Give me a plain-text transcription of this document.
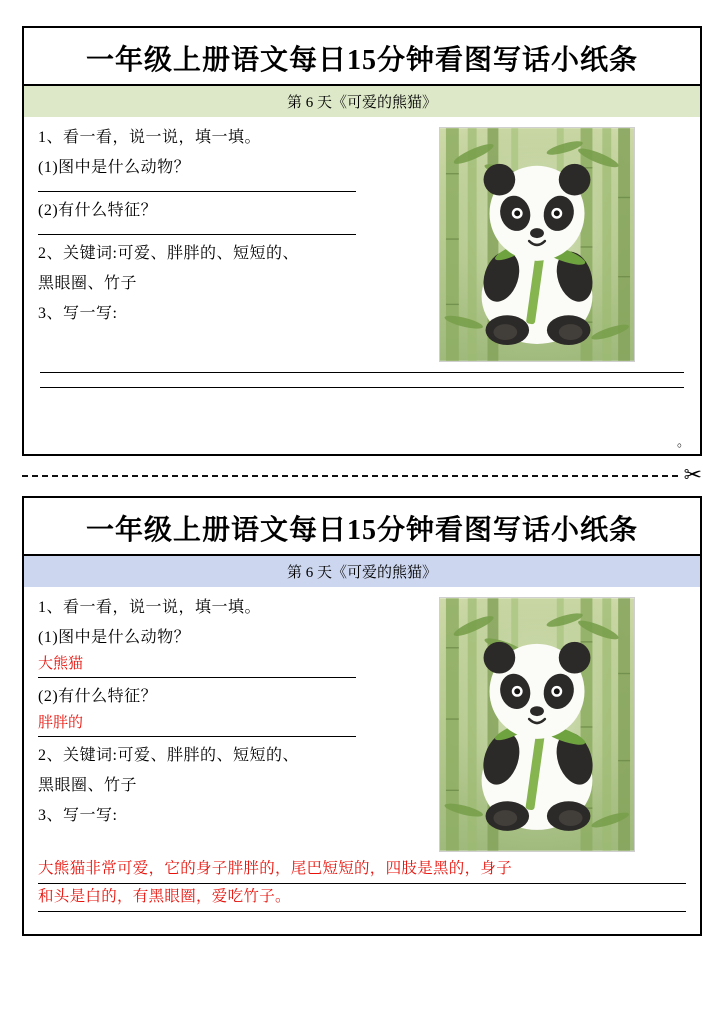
一年级上册语文每日15分钟看图写话小纸条
第 6 天《可爱的熊猫》
1、看一看，说一说，填一填。
(1)图中是什么动物？
(2)有什么特征？
2、关键词:可爱、胖胖的、短短的、
黑眼圈、竹子
3、写一写:
。
✂
一年级上册语文每日15分钟看图写话小纸条
第 6 天《可爱的熊猫》
1、看一看，说一说，填一填。
(1)图中是什么动物？
大熊猫
(2)有什么特征？
胖胖的
2、关键词:可爱、胖胖的、短短的、
黑眼圈、竹子
3、写一写:
大熊猫非常可爱，它的身子胖胖的，尾巴短短的，四肢是黑的，身子
和头是白的，有黑眼圈，爱吃竹子。
